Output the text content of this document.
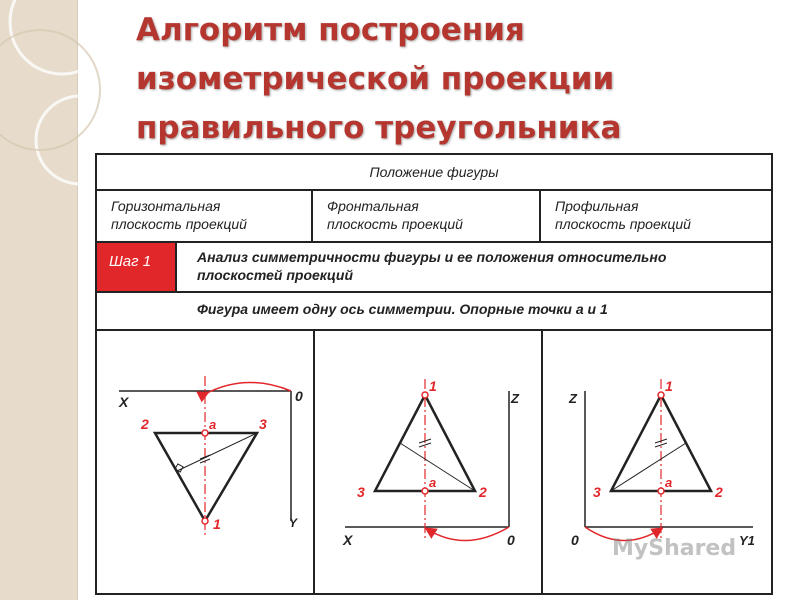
Алгоритм построения
изометрической проекции
правильного треугольника
Положение фигуры
Горизонтальная
плоскость проекций
Фронтальная
плоскость проекций
Профильная
плоскость проекций
Шаг 1	Анализ симметричности фигуры и ее положения относительно
плоскостей проекций
Фигура имеет одну ось симметрии. Опорные точки a и 1
X	0
Y
2	a	3
1
Z
X	0
1
a
3	2
Z
0	Y1
1
a
3	2
MyShared
